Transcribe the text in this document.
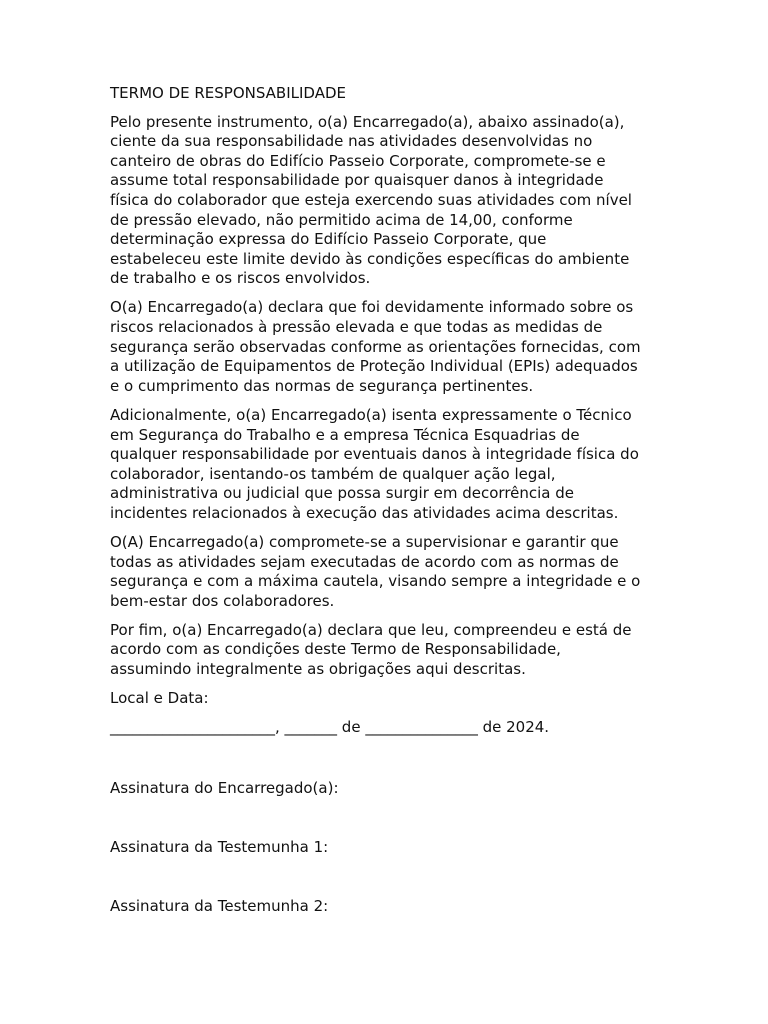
TERMO DE RESPONSABILIDADE
Pelo presente instrumento, o(a) Encarregado(a), abaixo assinado(a),
ciente da sua responsabilidade nas atividades desenvolvidas no
canteiro de obras do Edifício Passeio Corporate, compromete-se e
assume total responsabilidade por quaisquer danos à integridade
física do colaborador que esteja exercendo suas atividades com nível
de pressão elevado, não permitido acima de 14,00, conforme
determinação expressa do Edifício Passeio Corporate, que
estabeleceu este limite devido às condições específicas do ambiente
de trabalho e os riscos envolvidos.
O(a) Encarregado(a) declara que foi devidamente informado sobre os
riscos relacionados à pressão elevada e que todas as medidas de
segurança serão observadas conforme as orientações fornecidas, com
a utilização de Equipamentos de Proteção Individual (EPIs) adequados
e o cumprimento das normas de segurança pertinentes.
Adicionalmente, o(a) Encarregado(a) isenta expressamente o Técnico
em Segurança do Trabalho e a empresa Técnica Esquadrias de
qualquer responsabilidade por eventuais danos à integridade física do
colaborador, isentando-os também de qualquer ação legal,
administrativa ou judicial que possa surgir em decorrência de
incidentes relacionados à execução das atividades acima descritas.
O(A) Encarregado(a) compromete-se a supervisionar e garantir que
todas as atividades sejam executadas de acordo com as normas de
segurança e com a máxima cautela, visando sempre a integridade e o
bem-estar dos colaboradores.
Por fim, o(a) Encarregado(a) declara que leu, compreendeu e está de
acordo com as condições deste Termo de Responsabilidade,
assumindo integralmente as obrigações aqui descritas.
Local e Data:
______________________, _______ de _______________ de 2024.
Assinatura do Encarregado(a):
Assinatura da Testemunha 1:
Assinatura da Testemunha 2:
